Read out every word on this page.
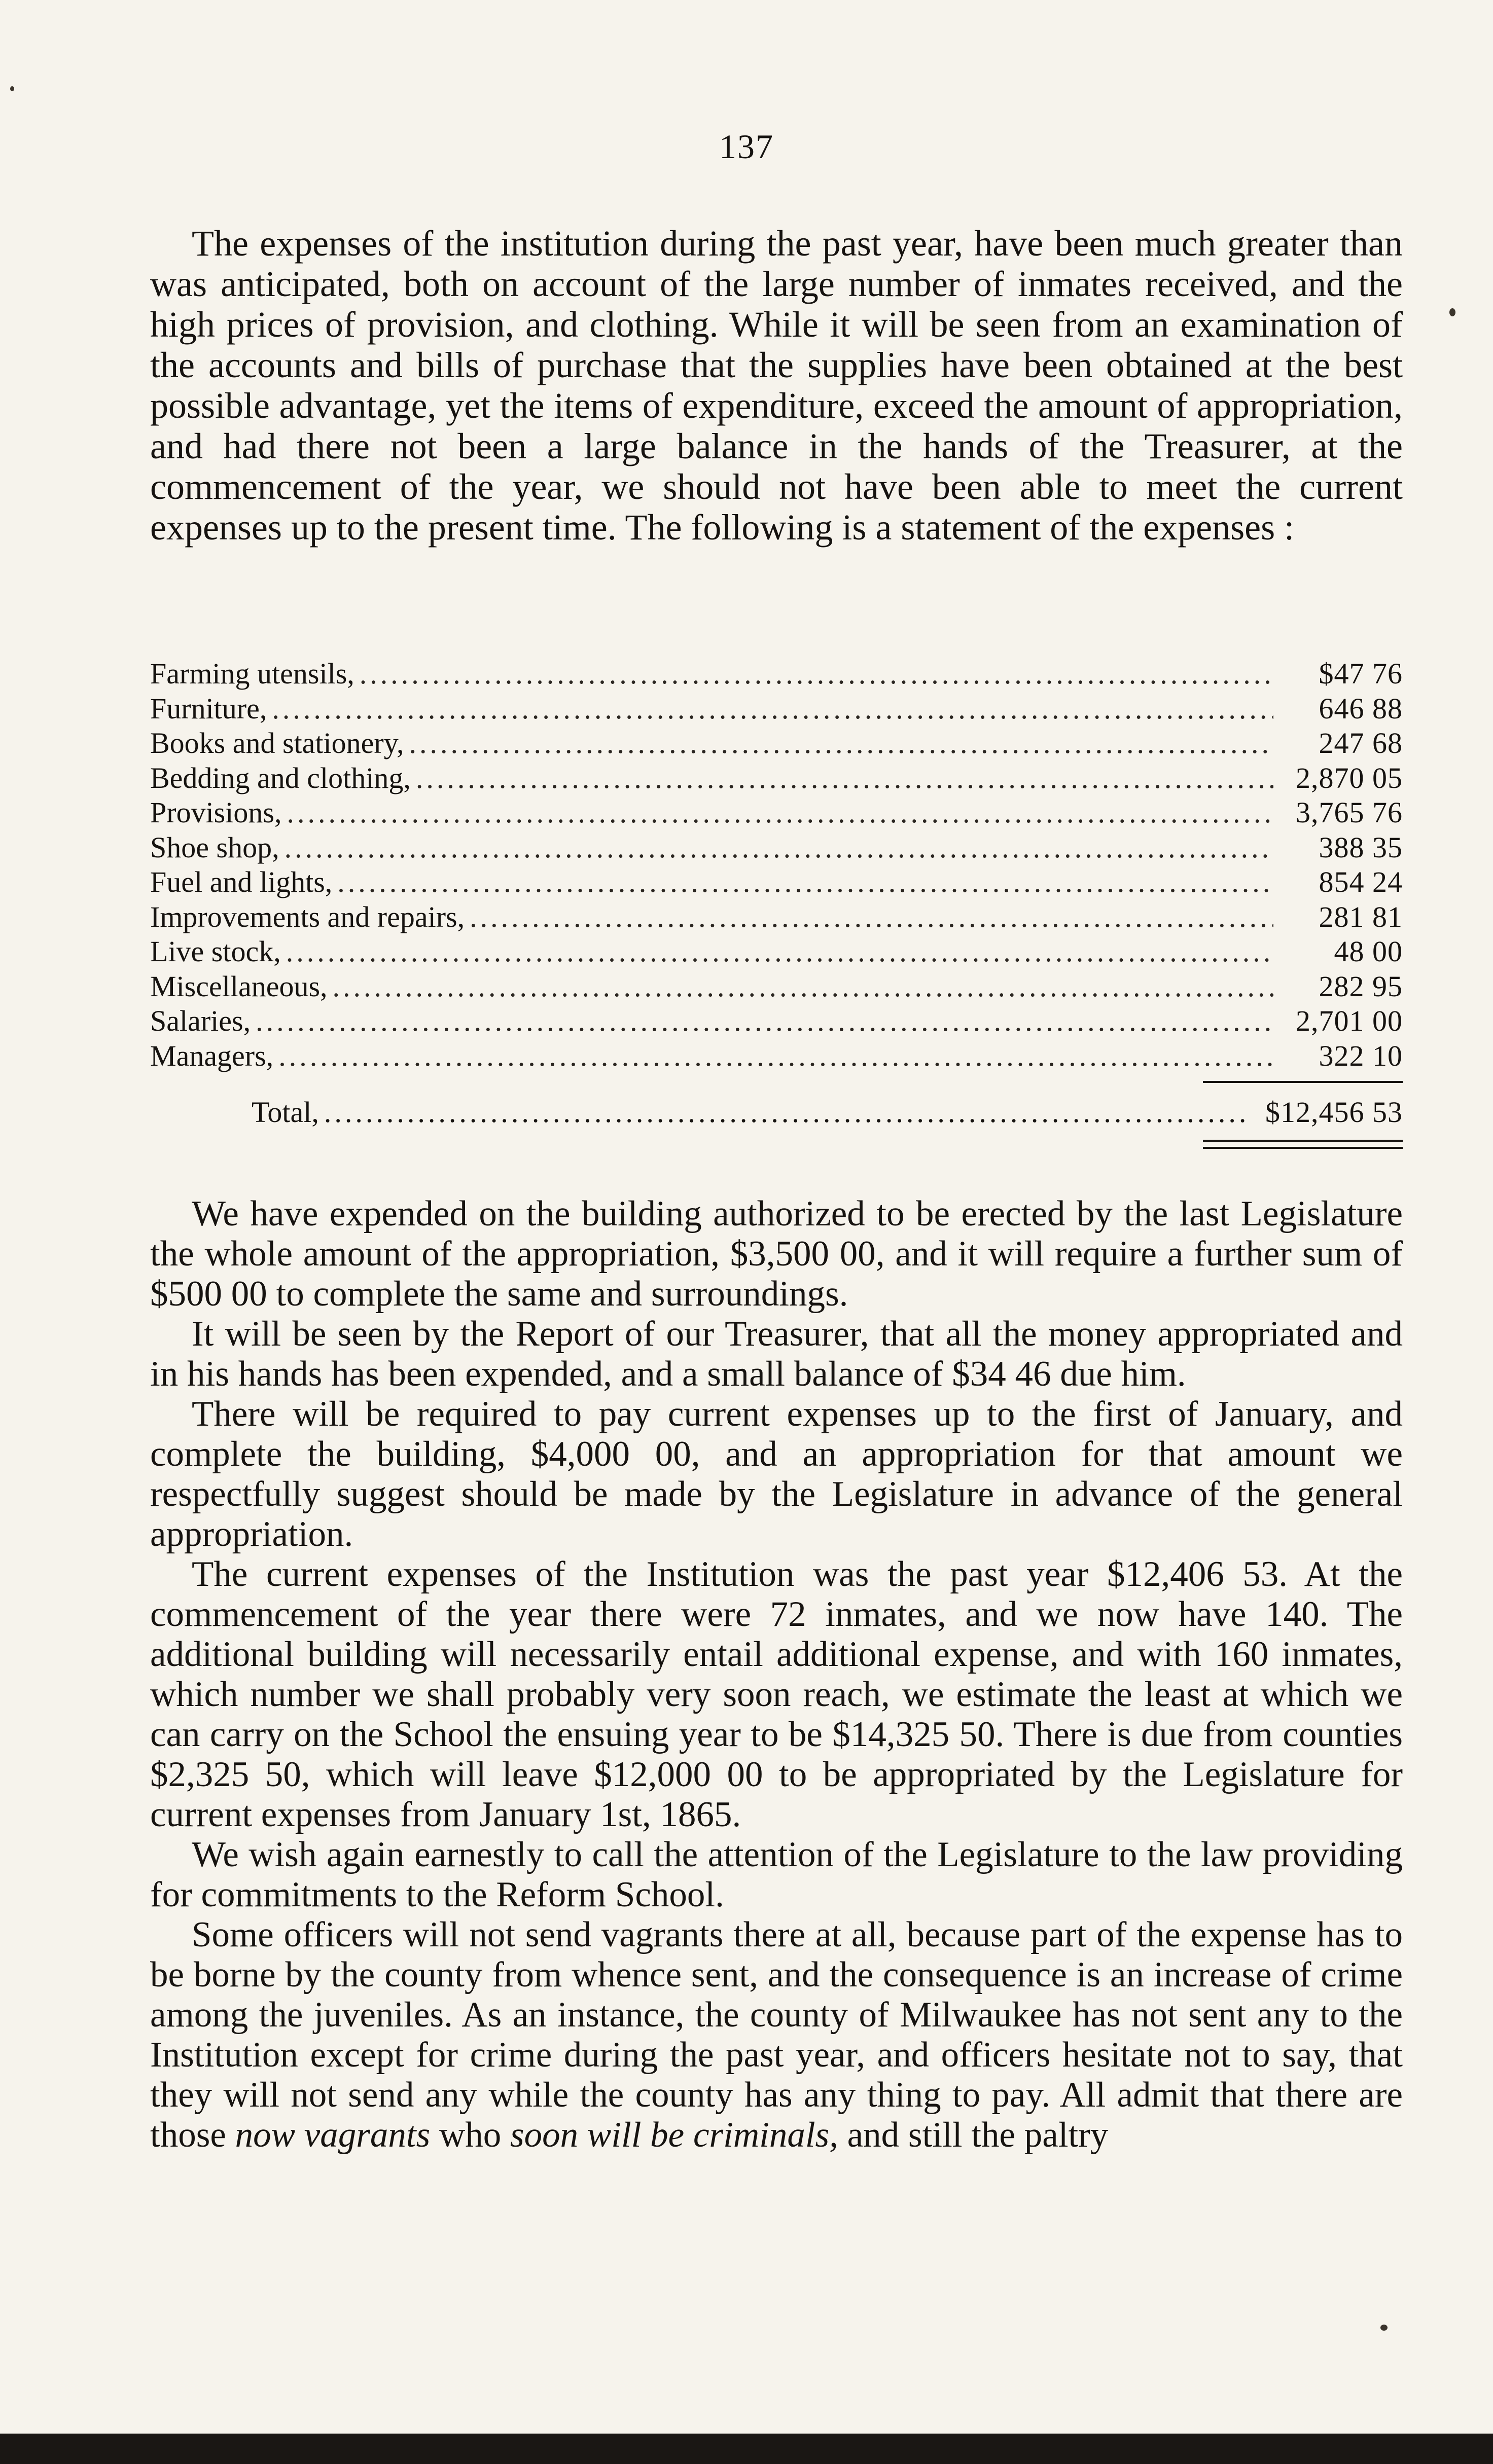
137

The expenses of the institution during the past year, have been much greater than was anticipated, both on account of the large number of inmates received, and the high prices of provision, and clothing. While it will be seen from an examination of the accounts and bills of purchase that the supplies have been obtained at the best possible advantage, yet the items of expenditure, exceed the amount of appropriation, and had there not been a large balance in the hands of the Treasurer, at the commencement of the year, we should not have been able to meet the current expenses up to the present time. The following is a statement of the expenses :

Farming utensils, .....	$47 76
Furniture, .....	646 88
Books and stationery, .....	247 68
Bedding and clothing, .....	2,870 05
Provisions, .....	3,765 76
Shoe shop, .....	388 35
Fuel and lights, .....	854 24
Improvements and repairs, .....	281 81
Live stock, .....	48 00
Miscellaneous, .....	282 95
Salaries, .....	2,701 00
Managers, .....	322 10
Total, .....	$12,456 53

We have expended on the building authorized to be erected by the last Legislature the whole amount of the appropriation, $3,500 00, and it will require a further sum of $500 00 to complete the same and surroundings.

It will be seen by the Report of our Treasurer, that all the money appropriated and in his hands has been expended, and a small balance of $34 46 due him.

There will be required to pay current expenses up to the first of January, and complete the building, $4,000 00, and an appropriation for that amount we respectfully suggest should be made by the Legislature in advance of the general appropriation.

The current expenses of the Institution was the past year $12,406 53. At the commencement of the year there were 72 inmates, and we now have 140. The additional building will necessarily entail additional expense, and with 160 inmates, which number we shall probably very soon reach, we estimate the least at which we can carry on the School the ensuing year to be $14,325 50. There is due from counties $2,325 50, which will leave $12,000 00 to be appropriated by the Legislature for current expenses from January 1st, 1865.

We wish again earnestly to call the attention of the Legislature to the law providing for commitments to the Reform School.

Some officers will not send vagrants there at all, because part of the expense has to be borne by the county from whence sent, and the consequence is an increase of crime among the juveniles. As an instance, the county of Milwaukee has not sent any to the Institution except for crime during the past year, and officers hesitate not to say, that they will not send any while the county has any thing to pay. All admit that there are those now vagrants who soon will be criminals, and still the paltry
